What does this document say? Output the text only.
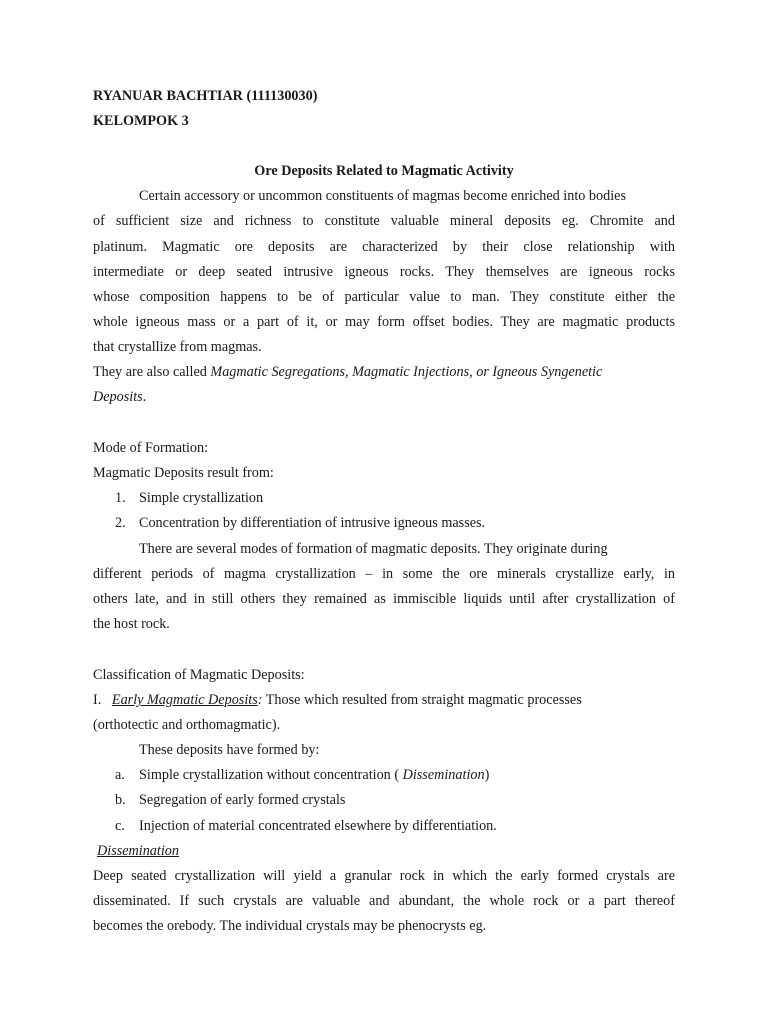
RYANUAR BACHTIAR (111130030)
KELOMPOK 3
Ore Deposits Related to Magmatic Activity
Certain accessory or uncommon constituents of magmas become enriched into bodies
of sufficient size and richness to constitute valuable mineral deposits eg. Chromite and
platinum. Magmatic ore deposits are characterized by their close relationship with
intermediate or deep seated intrusive igneous rocks. They themselves are igneous rocks
whose composition happens to be of particular value to man. They constitute either the
whole igneous mass or a part of it, or may form offset bodies. They are magmatic products
that crystallize from magmas.
They are also called Magmatic Segregations, Magmatic Injections, or Igneous Syngenetic
Deposits.
Mode of Formation:
Magmatic Deposits result from:
1. Simple crystallization
2. Concentration by differentiation of intrusive igneous masses.
There are several modes of formation of magmatic deposits. They originate during
different periods of magma crystallization – in some the ore minerals crystallize early, in
others late, and in still others they remained as immiscible liquids until after crystallization of
the host rock.
Classification of Magmatic Deposits:
I. Early Magmatic Deposits: Those which resulted from straight magmatic processes
(orthotectic and orthomagmatic).
These deposits have formed by:
a. Simple crystallization without concentration ( Dissemination)
b. Segregation of early formed crystals
c. Injection of material concentrated elsewhere by differentiation.
Dissemination
Deep seated crystallization will yield a granular rock in which the early formed crystals are
disseminated. If such crystals are valuable and abundant, the whole rock or a part thereof
becomes the orebody. The individual crystals may be phenocrysts eg.
